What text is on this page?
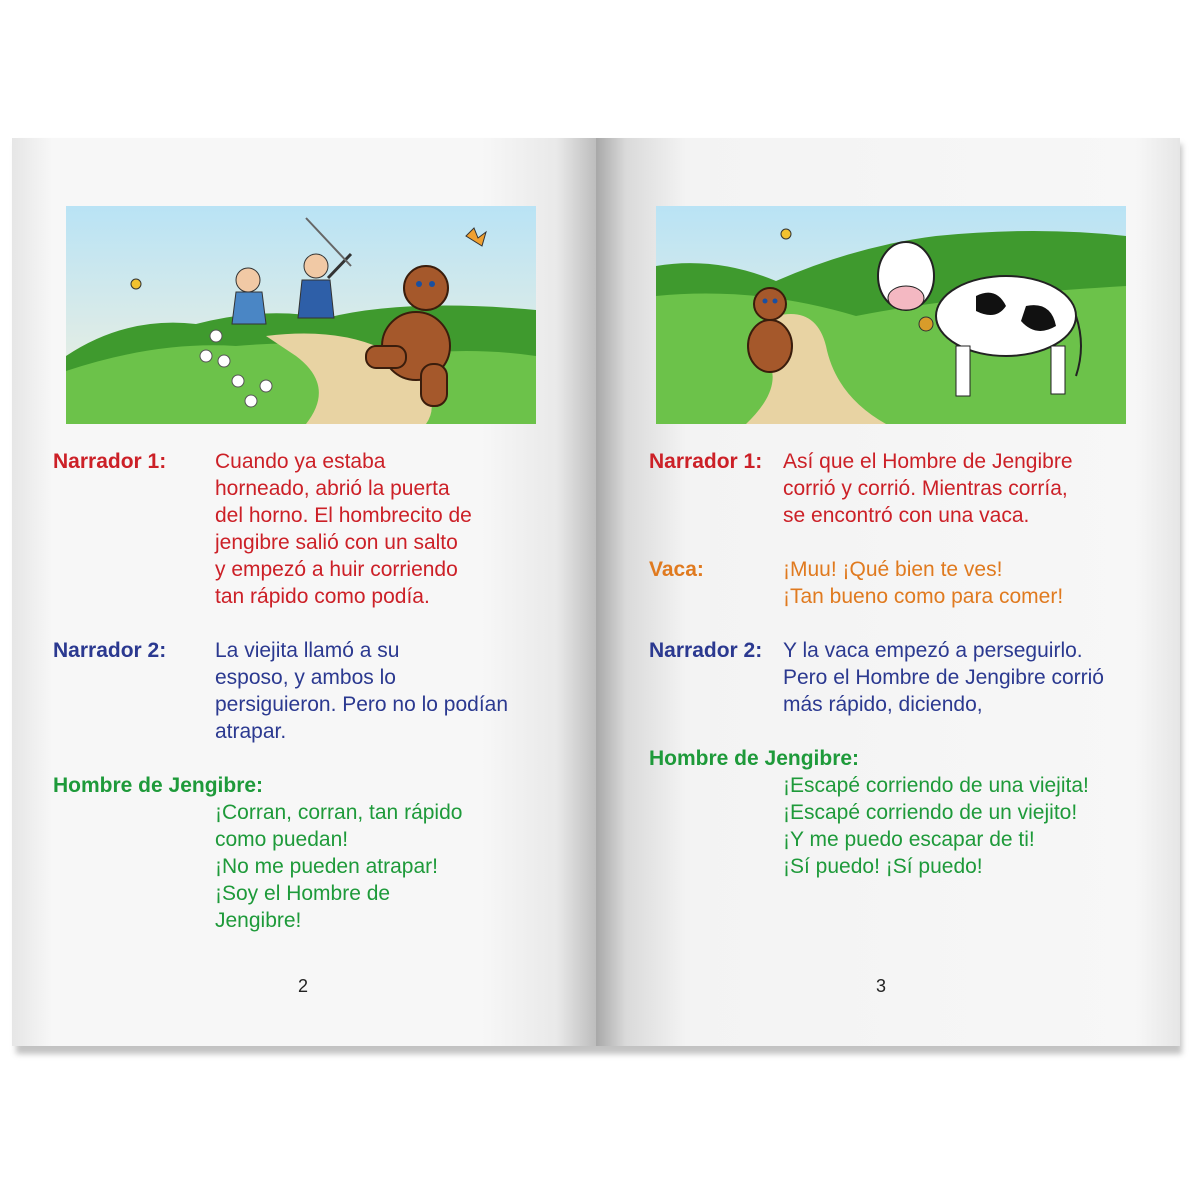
Narrador 1:	Cuando ya estaba
horneado, abrió la puerta
del horno. El hombrecito de
jengibre salió con un salto
y empezó a huir corriendo
tan rápido como podía.
Narrador 2:	La viejita llamó a su
esposo, y ambos lo
persiguieron. Pero no lo podían
atrapar.
Hombre de Jengibre:
¡Corran, corran, tan rápido
como puedan!
¡No me pueden atrapar!
¡Soy el Hombre de
Jengibre!
2
Narrador 1: Así que el Hombre de Jengibre
corrió y corrió. Mientras corría,
se encontró con una vaca.
Vaca:	¡Muu! ¡Qué bien te ves!
¡Tan bueno como para comer!
Narrador 2: Y la vaca empezó a perseguirlo.
Pero el Hombre de Jengibre corrió
más rápido, diciendo,
Hombre de Jengibre:
¡Escapé corriendo de una viejita!
¡Escapé corriendo de un viejito!
¡Y me puedo escapar de ti!
¡Sí puedo! ¡Sí puedo!
3
